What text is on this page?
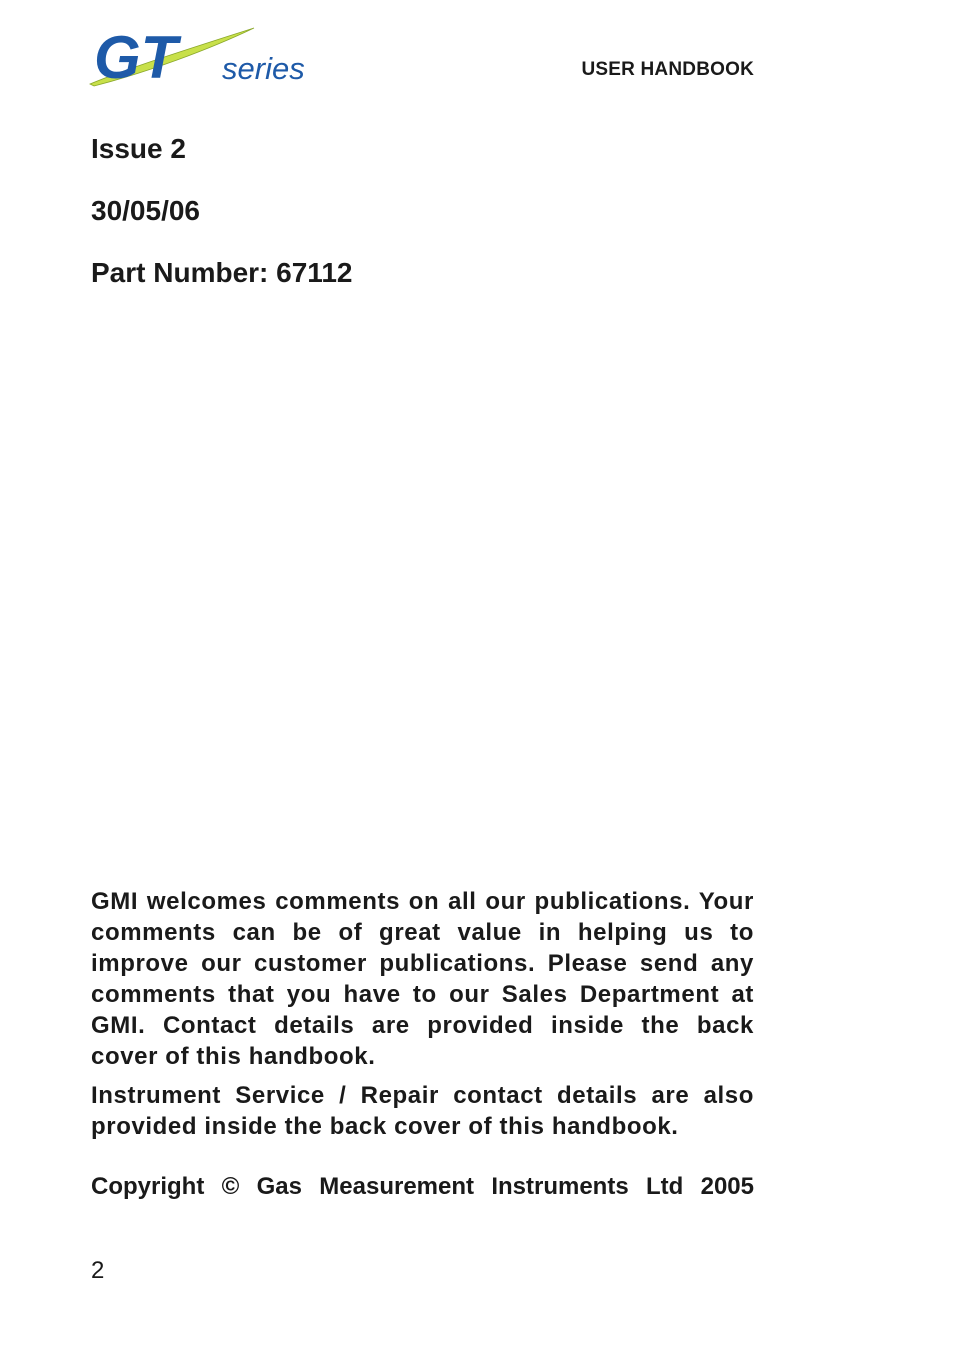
GT series	USER HANDBOOK
Issue 2
30/05/06
Part Number: 67112

GMI welcomes comments on all our publications. Your comments can be of great value in helping us to improve our customer publications. Please send any comments that you have to our Sales Department at GMI. Contact details are provided inside the back cover of this handbook.

Instrument Service / Repair contact details are also provided inside the back cover of this handbook.

Copyright © Gas Measurement Instruments Ltd 2005

2
